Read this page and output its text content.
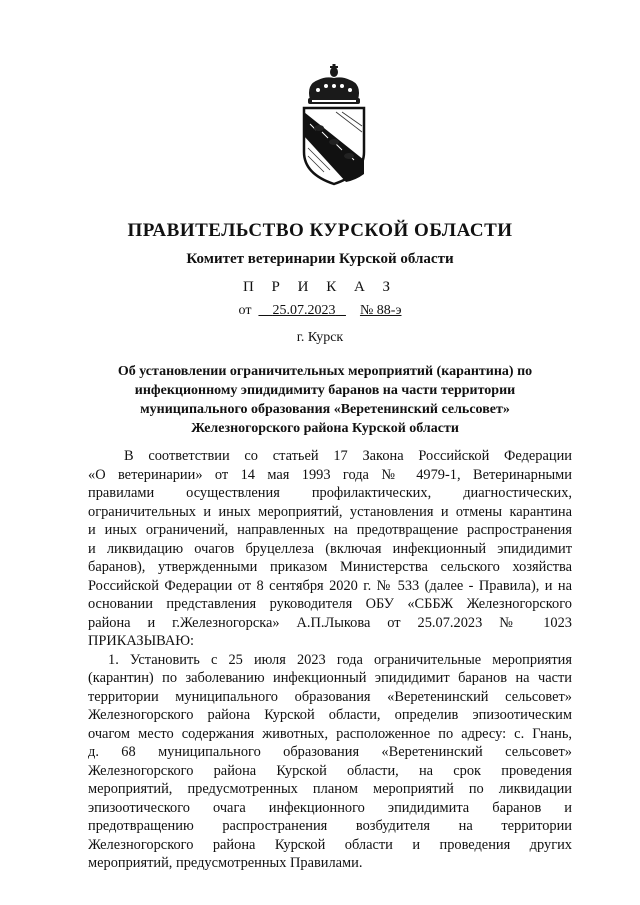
ПРАВИТЕЛЬСТВО КУРСКОЙ ОБЛАСТИ
Комитет ветеринарии Курской области
П Р И К А З
от 25.07.2023 № 88-э
г. Курск
Об установлении ограничительных мероприятий (карантина) по
инфекционному эпидидимиту баранов на части территории
муниципального образования «Веретенинский сельсовет»
Железногорского района Курской области
В соответствии со статьей 17 Закона Российской Федерации
«О ветеринарии» от 14 мая 1993 года № 4979-1, Ветеринарными
правилами осуществления профилактических, диагностических,
ограничительных и иных мероприятий, установления и отмены карантина
и иных ограничений, направленных на предотвращение распространения
и ликвидацию очагов бруцеллеза (включая инфекционный эпидидимит
баранов), утвержденными приказом Министерства сельского хозяйства
Российской Федерации от 8 сентября 2020 г. № 533 (далее - Правила), и на
основании представления руководителя ОБУ «СББЖ Железногорского
района и г.Железногорска» А.П.Лыкова от 25.07.2023 № 1023
ПРИКАЗЫВАЮ:
1. Установить с 25 июля 2023 года ограничительные мероприятия
(карантин) по заболеванию инфекционный эпидидимит баранов на части
территории муниципального образования «Веретенинский сельсовет»
Железногорского района Курской области, определив эпизоотическим
очагом место содержания животных, расположенное по адресу: с. Гнань,
д. 68 муниципального образования «Веретенинский сельсовет»
Железногорского района Курской области, на срок проведения
мероприятий, предусмотренных планом мероприятий по ликвидации
эпизоотического очага инфекционного эпидидимита баранов и
предотвращению распространения возбудителя на территории
Железногорского района Курской области и проведения других
мероприятий, предусмотренных Правилами.
